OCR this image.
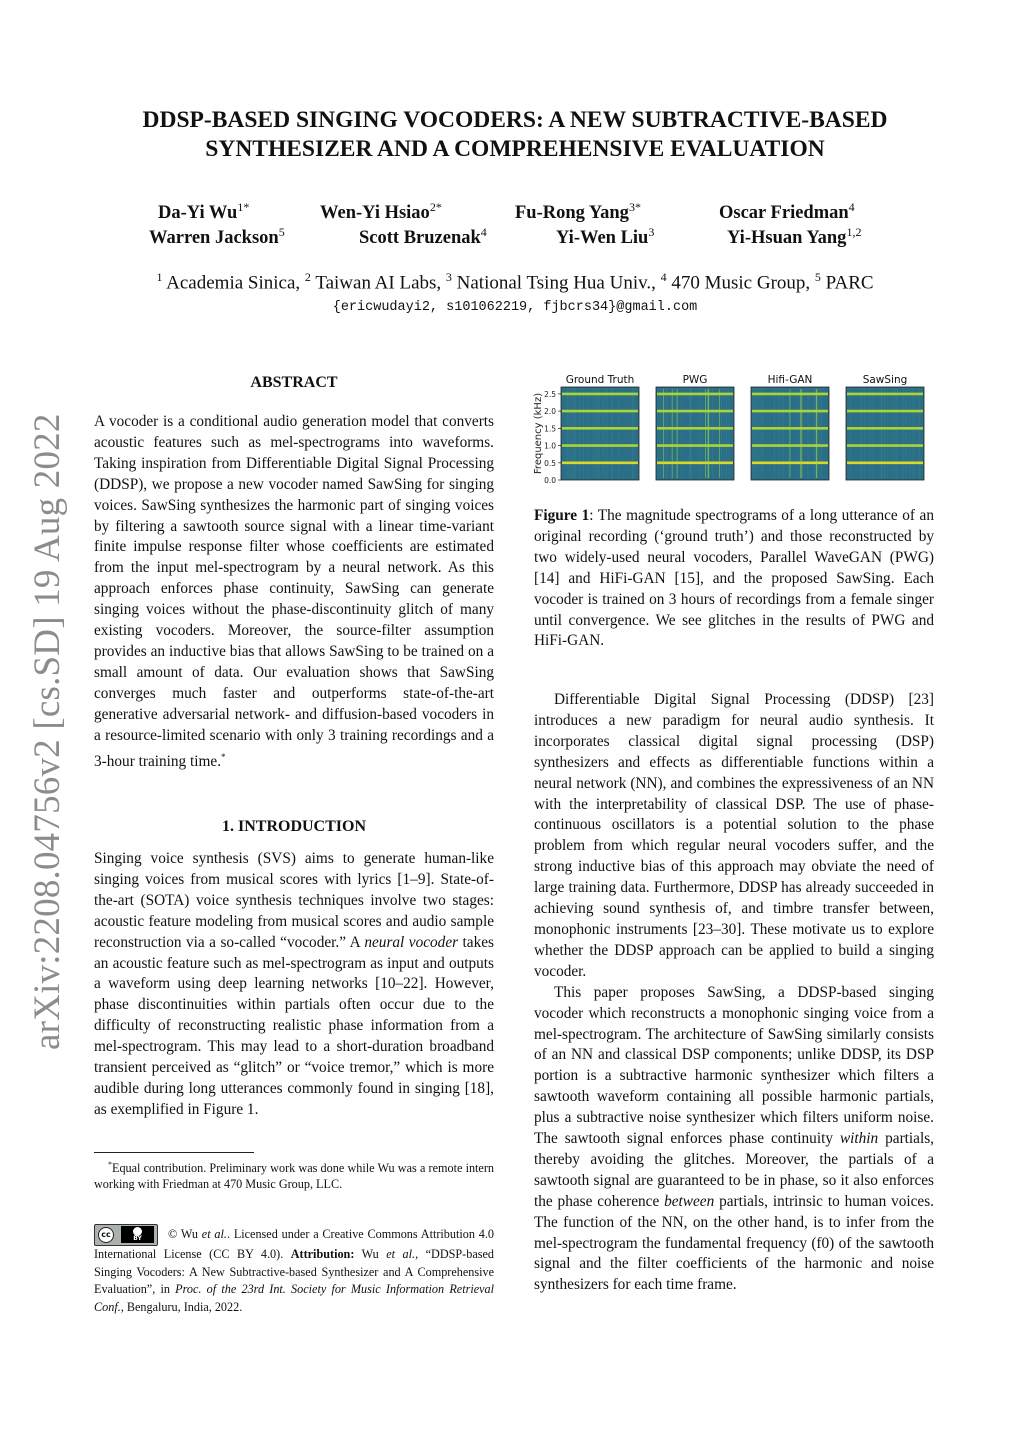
arXiv:2208.04756v2 [cs.SD] 19 Aug 2022
DDSP-BASED SINGING VOCODERS: A NEW SUBTRACTIVE-BASED
SYNTHESIZER AND A COMPREHENSIVE EVALUATION
Da-Yi $Wu^{1*}$	Wen-Yi Hsiao$^{2*}$	Fu-Rong Yang$^{3*}$	Oscar Friedman$^4$
Warren Jackson$^5$	Scott Bruzenak$^4$	Yi-Wen Liu$^3$	Yi-Hsuan Yang$^{1,2}$
$^1$ Academia Sinica, $^2$ Taiwan AI Labs, $^3$ National Tsing Hua Univ., $^4$ 470 Music Group, $^5$ PARC
{ericwudayi2, s101062219, fjbcrs34}@gmail.com
ABSTRACT

A vocoder is a conditional audio generation model that converts acoustic features such as mel-spectrograms into waveforms. Taking inspiration from Differentiable Digital Signal Processing (DDSP), we propose a new vocoder named SawSing for singing voices. SawSing synthesizes the harmonic part of singing voices by filtering a sawtooth source signal with a linear time-variant finite impulse response filter whose coefficients are estimated from the input mel-spectrogram by a neural network. As this approach enforces phase continuity, SawSing can generate singing voices without the phase-discontinuity glitch of many existing vocoders. Moreover, the source-filter assumption provides an inductive bias that allows SawSing to be trained on a small amount of data. Our evaluation shows that SawSing converges much faster and outperforms state-of-the-art generative adversarial network- and diffusion-based vocoders in a resource-limited scenario with only 3 training recordings and a 3-hour training time.*

1. INTRODUCTION

Singing voice synthesis (SVS) aims to generate human-like singing voices from musical scores with lyrics [1–9]. State-of-the-art (SOTA) voice synthesis techniques involve two stages: acoustic feature modeling from musical scores and audio sample reconstruction via a so-called “vocoder.” A neural vocoder takes an acoustic feature such as mel-spectrogram as input and outputs a waveform using deep learning networks [10–22]. However, phase discontinuities within partials often occur due to the difficulty of reconstructing realistic phase information from a mel-spectrogram. This may lead to a short-duration broadband transient perceived as “glitch” or “voice tremor,” which is more audible during long utterances commonly found in singing [18], as exemplified in Figure 1.

*Equal contribution. Preliminary work was done while Wu was a remote intern working with Friedman at 470 Music Group, LLC.
cc	BY	© Wu et al.. Licensed under a Creative Commons Attribution 4.0 International License (CC BY 4.0). Attribution: Wu et al., “DDSP-based Singing Vocoders: A New Subtractive-based Synthesizer and A Comprehensive Evaluation”, in Proc. of the 23rd Int. Society for Music Information Retrieval Conf., Bengaluru, India, 2022.
Frequency (kHz)
0.0
0.5
1.0
1.5
2.0
2.5
Ground Truth	PWG	Hifi-GAN	SawSing
Figure 1: The magnitude spectrograms of a long utterance of an original recording (‘ground truth’) and those reconstructed by two widely-used neural vocoders, Parallel WaveGAN (PWG) [14] and HiFi-GAN [15], and the proposed SawSing. Each vocoder is trained on 3 hours of recordings from a female singer until convergence. We see glitches in the results of PWG and HiFi-GAN.

Differentiable Digital Signal Processing (DDSP) [23] introduces a new paradigm for neural audio synthesis. It incorporates classical digital signal processing (DSP) synthesizers and effects as differentiable functions within a neural network (NN), and combines the expressiveness of an NN with the interpretability of classical DSP. The use of phase-continuous oscillators is a potential solution to the phase problem from which regular neural vocoders suffer, and the strong inductive bias of this approach may obviate the need of large training data. Furthermore, DDSP has already succeeded in achieving sound synthesis of, and timbre transfer between, monophonic instruments [23–30]. These motivate us to explore whether the DDSP approach can be applied to build a singing vocoder.

This paper proposes SawSing, a DDSP-based singing vocoder which reconstructs a monophonic singing voice from a mel-spectrogram. The architecture of SawSing similarly consists of an NN and classical DSP components; unlike DDSP, its DSP portion is a subtractive harmonic synthesizer which filters a sawtooth waveform containing all possible harmonic partials, plus a subtractive noise synthesizer which filters uniform noise. The sawtooth signal enforces phase continuity within partials, thereby avoiding the glitches. Moreover, the partials of a sawtooth signal are guaranteed to be in phase, so it also enforces the phase coherence between partials, intrinsic to human voices. The function of the NN, on the other hand, is to infer from the mel-spectrogram the fundamental frequency (f0) of the sawtooth signal and the filter coefficients of the harmonic and noise synthesizers for each time frame.
